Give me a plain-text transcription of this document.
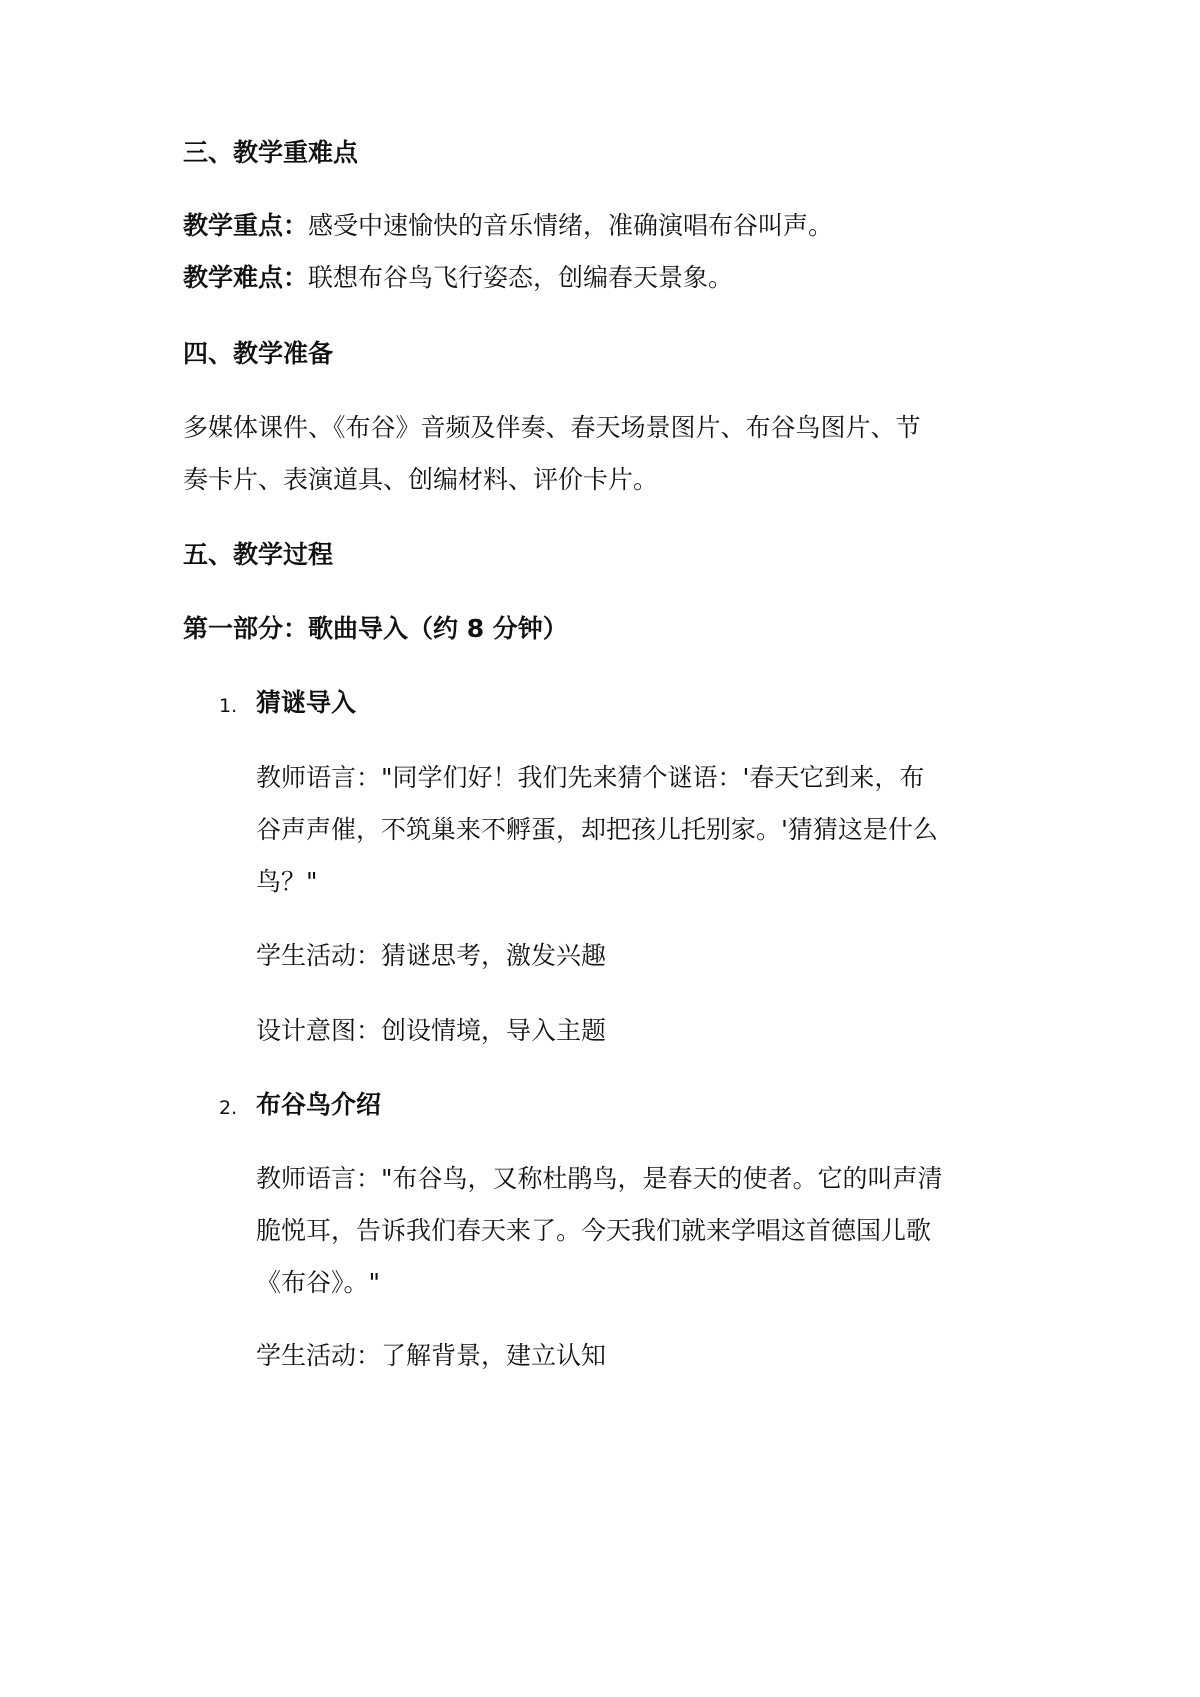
三、教学重难点
教学重点：感受中速愉快的音乐情绪，准确演唱布谷叫声。
教学难点：联想布谷鸟飞行姿态，创编春天景象。
四、教学准备
多媒体课件、《布谷》音频及伴奏、春天场景图片、布谷鸟图片、节
奏卡片、表演道具、创编材料、评价卡片。
五、教学过程
第一部分：歌曲导入（约 8 分钟）
1. 猜谜导入
教师语言："同学们好！我们先来猜个谜语：'春天它到来，布
谷声声催，不筑巢来不孵蛋，却把孩儿托别家。'猜猜这是什么
鸟？"
学生活动：猜谜思考，激发兴趣
设计意图：创设情境，导入主题
2. 布谷鸟介绍
教师语言："布谷鸟，又称杜鹃鸟，是春天的使者。它的叫声清
脆悦耳，告诉我们春天来了。今天我们就来学唱这首德国儿歌
《布谷》。"
学生活动：了解背景，建立认知
